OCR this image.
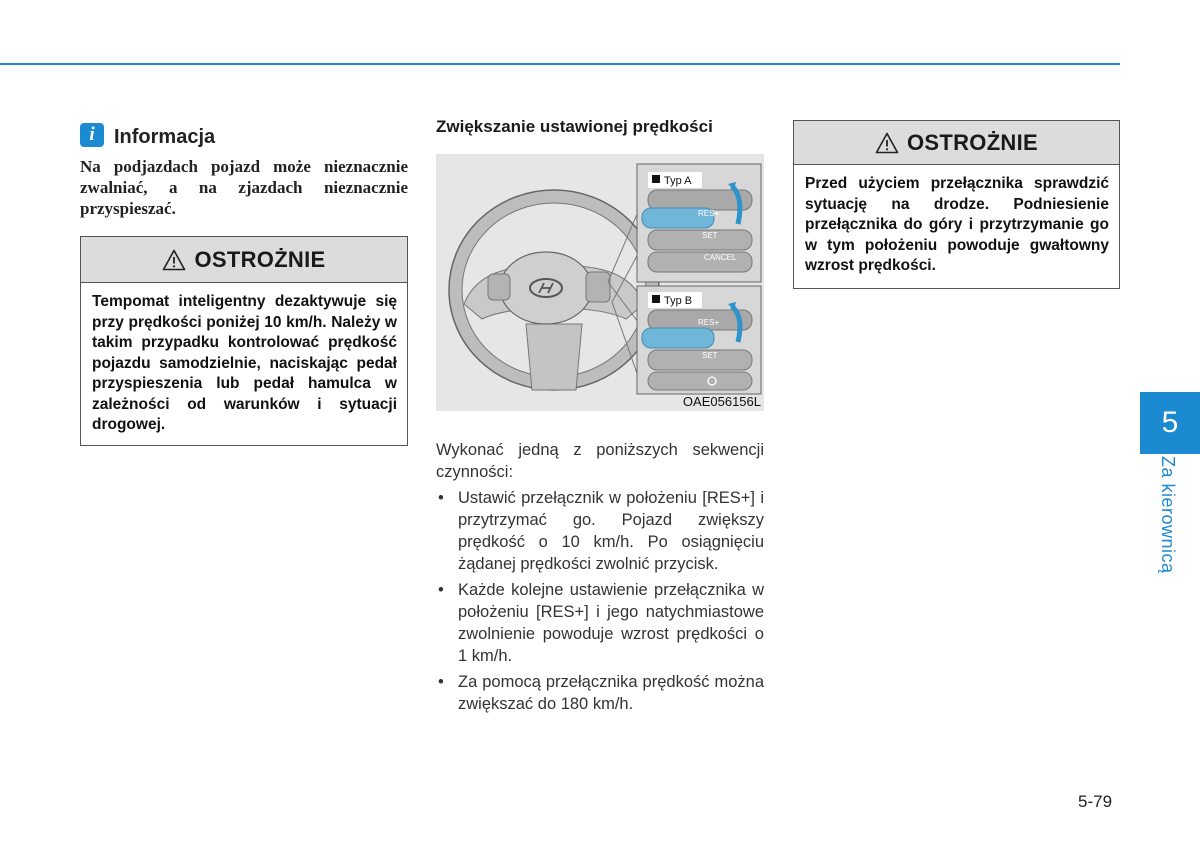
i Informacja

Na podjazdach pojazd może nieznacznie zwalniać, a na zjazdach nieznacznie przyspieszać.

OSTROŻNIE

Tempomat inteligentny dezaktywuje się przy prędkości poniżej 10 km/h. Należy w takim przypadku kontrolować prędkość pojazdu samodzielnie, naciskając pedał przyspieszenia lub pedał hamulca w zależności od warunków i sytuacji drogowej.

Zwiększanie ustawionej prędkości
Typ A
RES+
SET
CANCEL
Typ B
RES+
SET
OAE056156L

Wykonać jedną z poniższych sekwencji czynności:

• Ustawić przełącznik w położeniu [RES+] i przytrzymać go. Pojazd zwiększy prędkość o 10 km/h. Po osiągnięciu żądanej prędkości zwolnić przycisk.
• Każde kolejne ustawienie przełącznika w położeniu [RES+] i jego natychmiastowe zwolnienie powoduje wzrost prędkości o 1 km/h.
• Za pomocą przełącznika prędkość można zwiększać do 180 km/h.
OSTROŻNIE

Przed użyciem przełącznika sprawdzić sytuację na drodze. Podniesienie przełącznika do góry i przytrzymanie go w tym położeniu powoduje gwałtowny wzrost prędkości.

5
Za kierownicą
5-79
